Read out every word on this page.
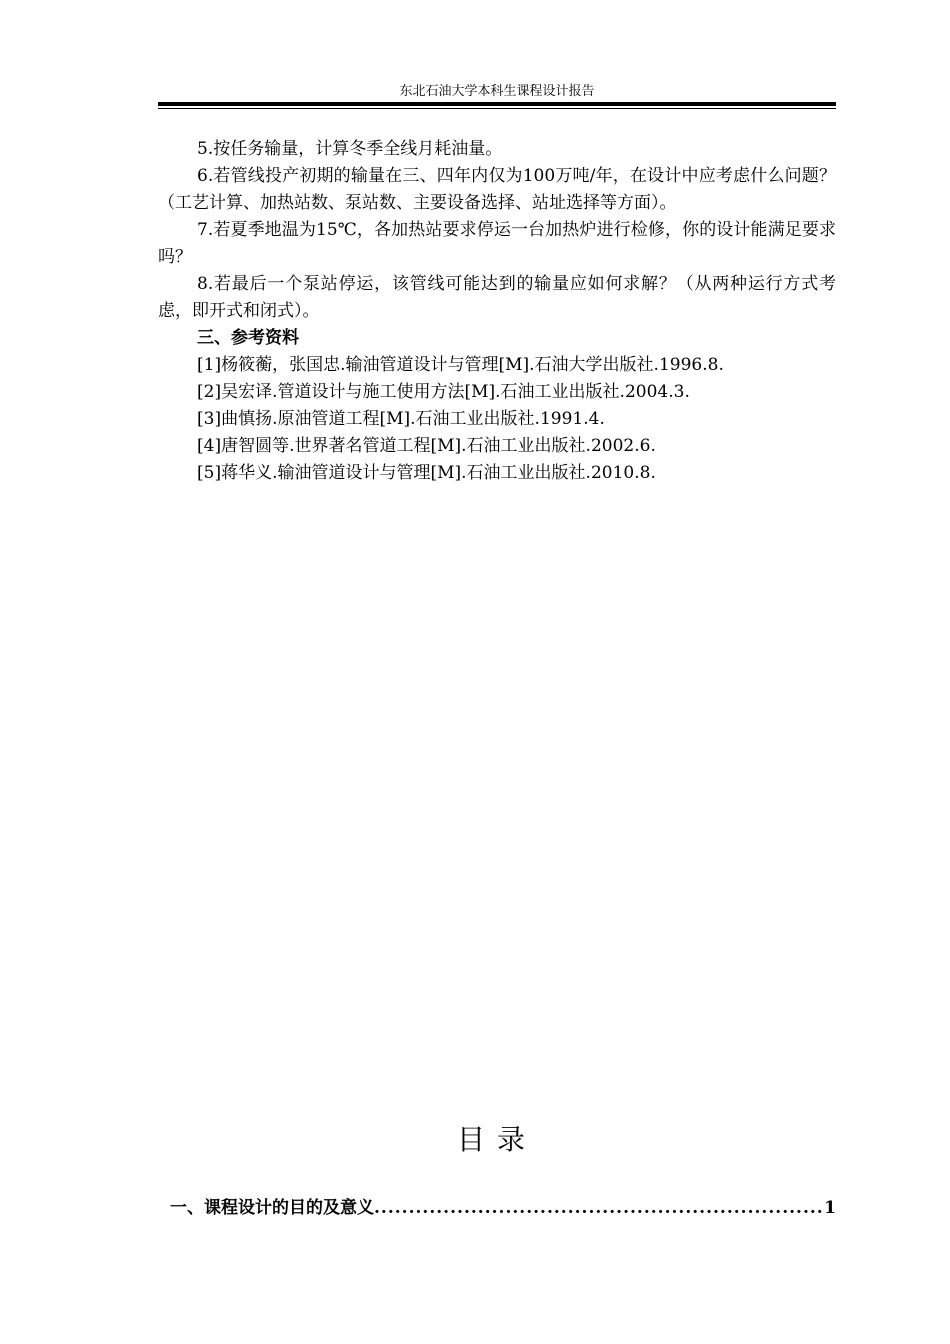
东北石油大学本科生课程设计报告

5.按任务输量，计算冬季全线月耗油量。

6.若管线投产初期的输量在三、四年内仅为100万吨/年，在设计中应考虑什么问题？（工艺计算、加热站数、泵站数、主要设备选择、站址选择等方面）。

7.若夏季地温为15℃，各加热站要求停运一台加热炉进行检修，你的设计能满足要求吗？

8.若最后一个泵站停运，该管线可能达到的输量应如何求解？（从两种运行方式考虑，即开式和闭式）。

三、参考资料

[1]杨筱蘅，张国忠.输油管道设计与管理[M].石油大学出版社.1996.8.

[2]吴宏译.管道设计与施工使用方法[M].石油工业出版社.2004.3.

[3]曲慎扬.原油管道工程[M].石油工业出版社.1991.4.

[4]唐智圆等.世界著名管道工程[M].石油工业出版社.2002.6.

[5]蒋华义.输油管道设计与管理[M].石油工业出版社.2010.8.

目录
一、课程设计的目的及意义
.....	1
